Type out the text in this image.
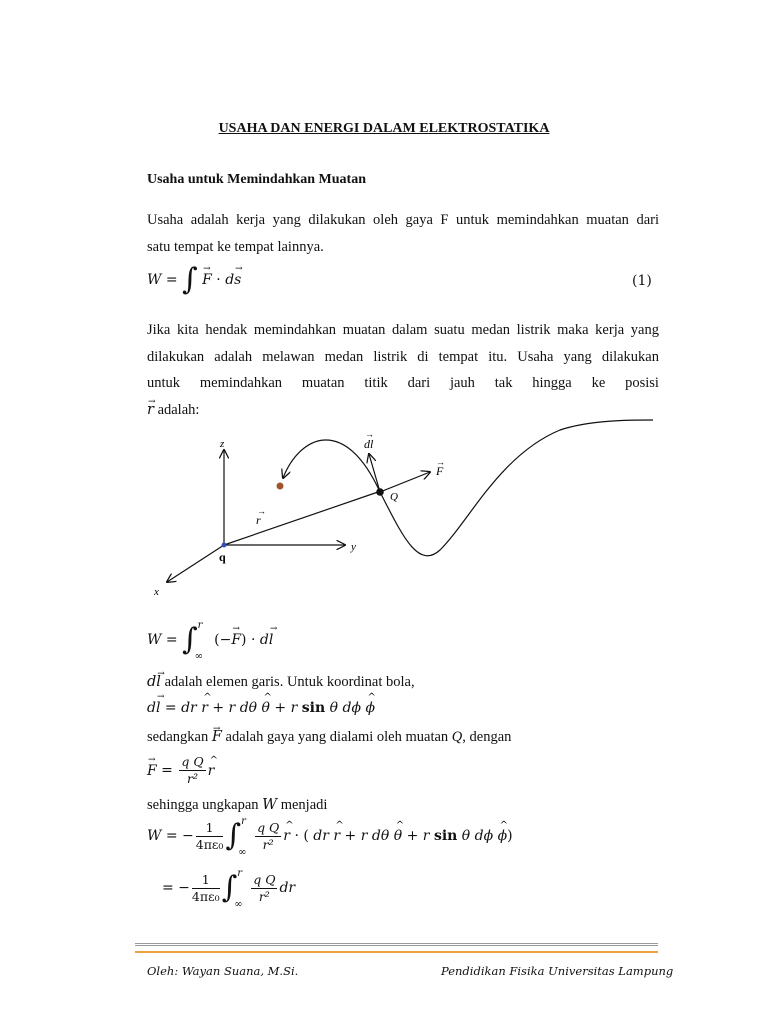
USAHA DAN ENERGI DALAM ELEKTROSTATIKA
Usaha untuk Memindahkan Muatan
Usaha adalah kerja yang dilakukan oleh gaya F untuk memindahkan muatan dari
satu tempat ke tempat lainnya.
W = ∫ → F · d→ s	(1)
Jika kita hendak memindahkan muatan dalam suatu medan listrik maka kerja yang
dilakukan adalah melawan medan listrik di tempat itu. Usaha yang dilakukan
untuk memindahkan muatan titik dari jauh tak hingga ke posisi
→ r adalah:
z
y
x
q
Q
r
→
dl
→
F
→
W = ∫ r
∞
(−→ F) · d→ l
d→ l adalah elemen garis. Untuk koordinat bola,
d→ l = dr ^ r + r dθ ^ θ + r sin θ dϕ ^ ϕ
sedangkan → F adalah gaya yang dialami oleh muatan Q, dengan
→ $F = \frac{\text{q Q}}{\text{r²}}$ ^ r
sehingga ungkapan W menjadi
W = − $\frac{1}{\text{4πε₀}}$ ∫ r
∞ $\frac{\text{q Q}}{\text{r²}}$ ^ r · ( dr ^ r + r dθ ^ θ + r sin θ dϕ ^ ϕ)
= − $\frac{1}{\text{4πε₀}}$ ∫ r
∞ $\frac{\text{q Q}}{\text{r²}}$ dr
Oleh: Wayan Suana, M.Si.	Pendidikan Fisika Universitas Lampung
